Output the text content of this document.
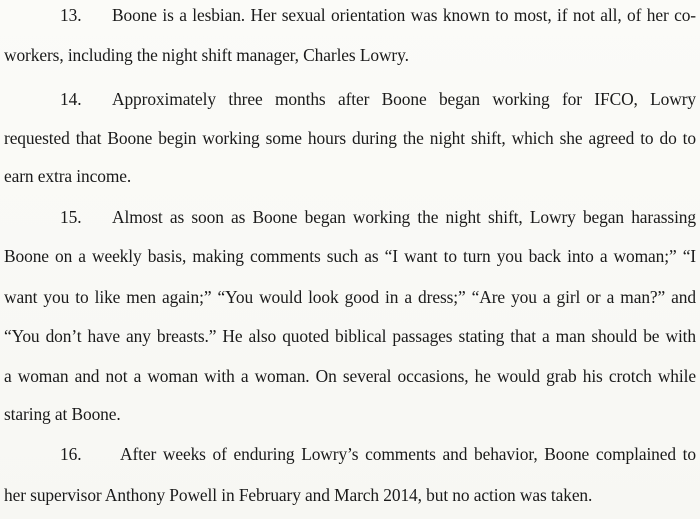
13. Boone is a lesbian. Her sexual orientation was known to most, if not all, of her co-
workers, including the night shift manager, Charles Lowry.
14. Approximately three months after Boone began working for IFCO, Lowry
requested that Boone begin working some hours during the night shift, which she agreed to do to
earn extra income.
15. Almost as soon as Boone began working the night shift, Lowry began harassing
Boone on a weekly basis, making comments such as “I want to turn you back into a woman;” “I
want you to like men again;” “You would look good in a dress;” “Are you a girl or a man?” and
“You don’t have any breasts.” He also quoted biblical passages stating that a man should be with
a woman and not a woman with a woman. On several occasions, he would grab his crotch while
staring at Boone.
16. After weeks of enduring Lowry’s comments and behavior, Boone complained to
her supervisor Anthony Powell in February and March 2014, but no action was taken.
